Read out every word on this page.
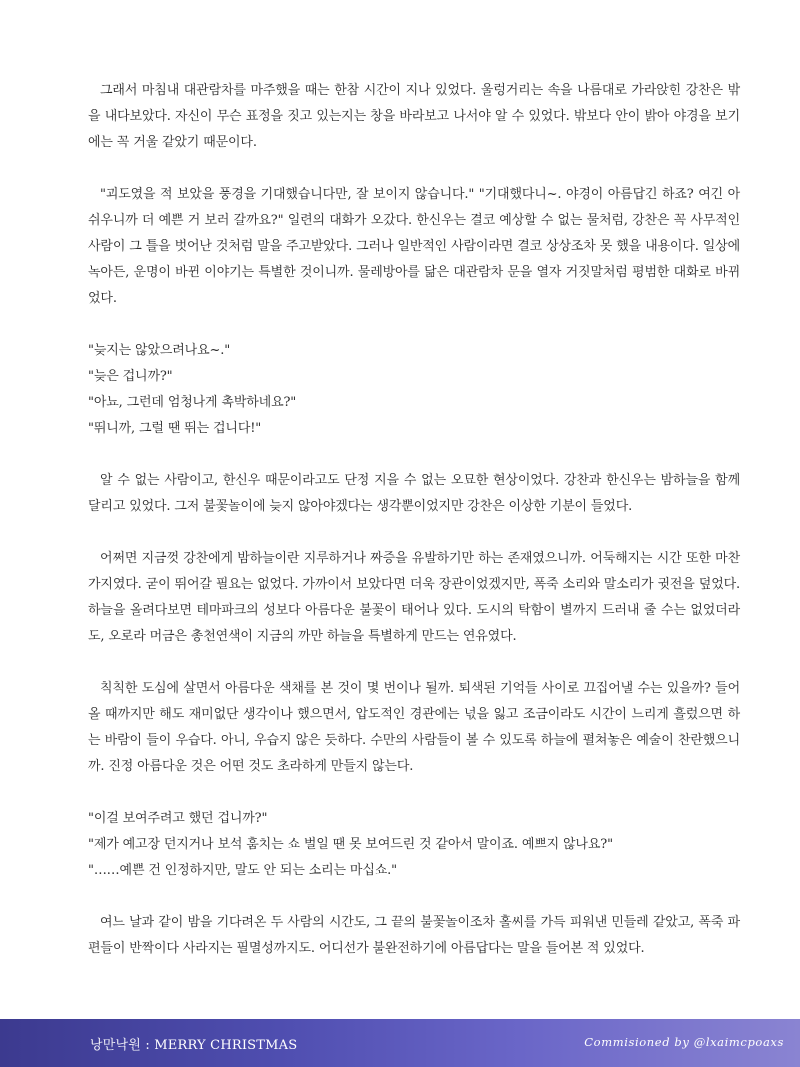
그래서 마침내 대관람차를 마주했을 때는 한참 시간이 지나 있었다. 울렁거리는 속을 나름대로 가라앉힌 강찬은 밖을 내다보았다. 자신이 무슨 표정을 짓고 있는지는 창을 바라보고 나서야 알 수 있었다. 밖보다 안이 밝아 야경을 보기에는 꼭 거울 같았기 때문이다.

"괴도였을 적 보았을 풍경을 기대했습니다만, 잘 보이지 않습니다." "기대했다니~. 야경이 아름답긴 하죠? 여긴 아쉬우니까 더 예쁜 거 보러 갈까요?" 일련의 대화가 오갔다. 한신우는 결코 예상할 수 없는 물처럼, 강찬은 꼭 사무적인 사람이 그 틀을 벗어난 것처럼 말을 주고받았다. 그러나 일반적인 사람이라면 결코 상상조차 못 했을 내용이다. 일상에 녹아든, 운명이 바뀐 이야기는 특별한 것이니까. 물레방아를 닮은 대관람차 문을 열자 거짓말처럼 평범한 대화로 바뀌었다.

"늦지는 않았으려나요~."
"늦은 겁니까?"
"아뇨, 그런데 엄청나게 촉박하네요?"
"뛰니까, 그럴 땐 뛰는 겁니다!"

알 수 없는 사람이고, 한신우 때문이라고도 단정 지을 수 없는 오묘한 현상이었다. 강찬과 한신우는 밤하늘을 함께 달리고 있었다. 그저 불꽃놀이에 늦지 않아야겠다는 생각뿐이었지만 강찬은 이상한 기분이 들었다.

어쩌면 지금껏 강찬에게 밤하늘이란 지루하거나 짜증을 유발하기만 하는 존재였으니까. 어둑해지는 시간 또한 마찬가지였다. 굳이 뛰어갈 필요는 없었다. 가까이서 보았다면 더욱 장관이었겠지만, 폭죽 소리와 말소리가 귓전을 덮었다. 하늘을 올려다보면 테마파크의 성보다 아름다운 불꽃이 태어나 있다. 도시의 탁함이 별까지 드러내 줄 수는 없었더라도, 오로라 머금은 총천연색이 지금의 까만 하늘을 특별하게 만드는 연유였다.

칙칙한 도심에 살면서 아름다운 색채를 본 것이 몇 번이나 될까. 퇴색된 기억들 사이로 끄집어낼 수는 있을까? 들어올 때까지만 해도 재미없단 생각이나 했으면서, 압도적인 경관에는 넋을 잃고 조금이라도 시간이 느리게 흘렀으면 하는 바람이 들이 우습다. 아니, 우습지 않은 듯하다. 수만의 사람들이 볼 수 있도록 하늘에 펼쳐놓은 예술이 찬란했으니까. 진정 아름다운 것은 어떤 것도 초라하게 만들지 않는다.

"이걸 보여주려고 했던 겁니까?"
"제가 예고장 던지거나 보석 훔치는 쇼 벌일 땐 못 보여드린 것 같아서 말이죠. 예쁘지 않나요?"
"……예쁜 건 인정하지만, 말도 안 되는 소리는 마십쇼."

여느 날과 같이 밤을 기다려온 두 사람의 시간도, 그 끝의 불꽃놀이조차 홀씨를 가득 피워낸 민들레 같았고, 폭죽 파편들이 반짝이다 사라지는 필멸성까지도. 어디선가 불완전하기에 아름답다는 말을 들어본 적 있었다.

낭만낙원 : MERRY CHRISTMAS	Commisioned by @lxaimcpoaxs
